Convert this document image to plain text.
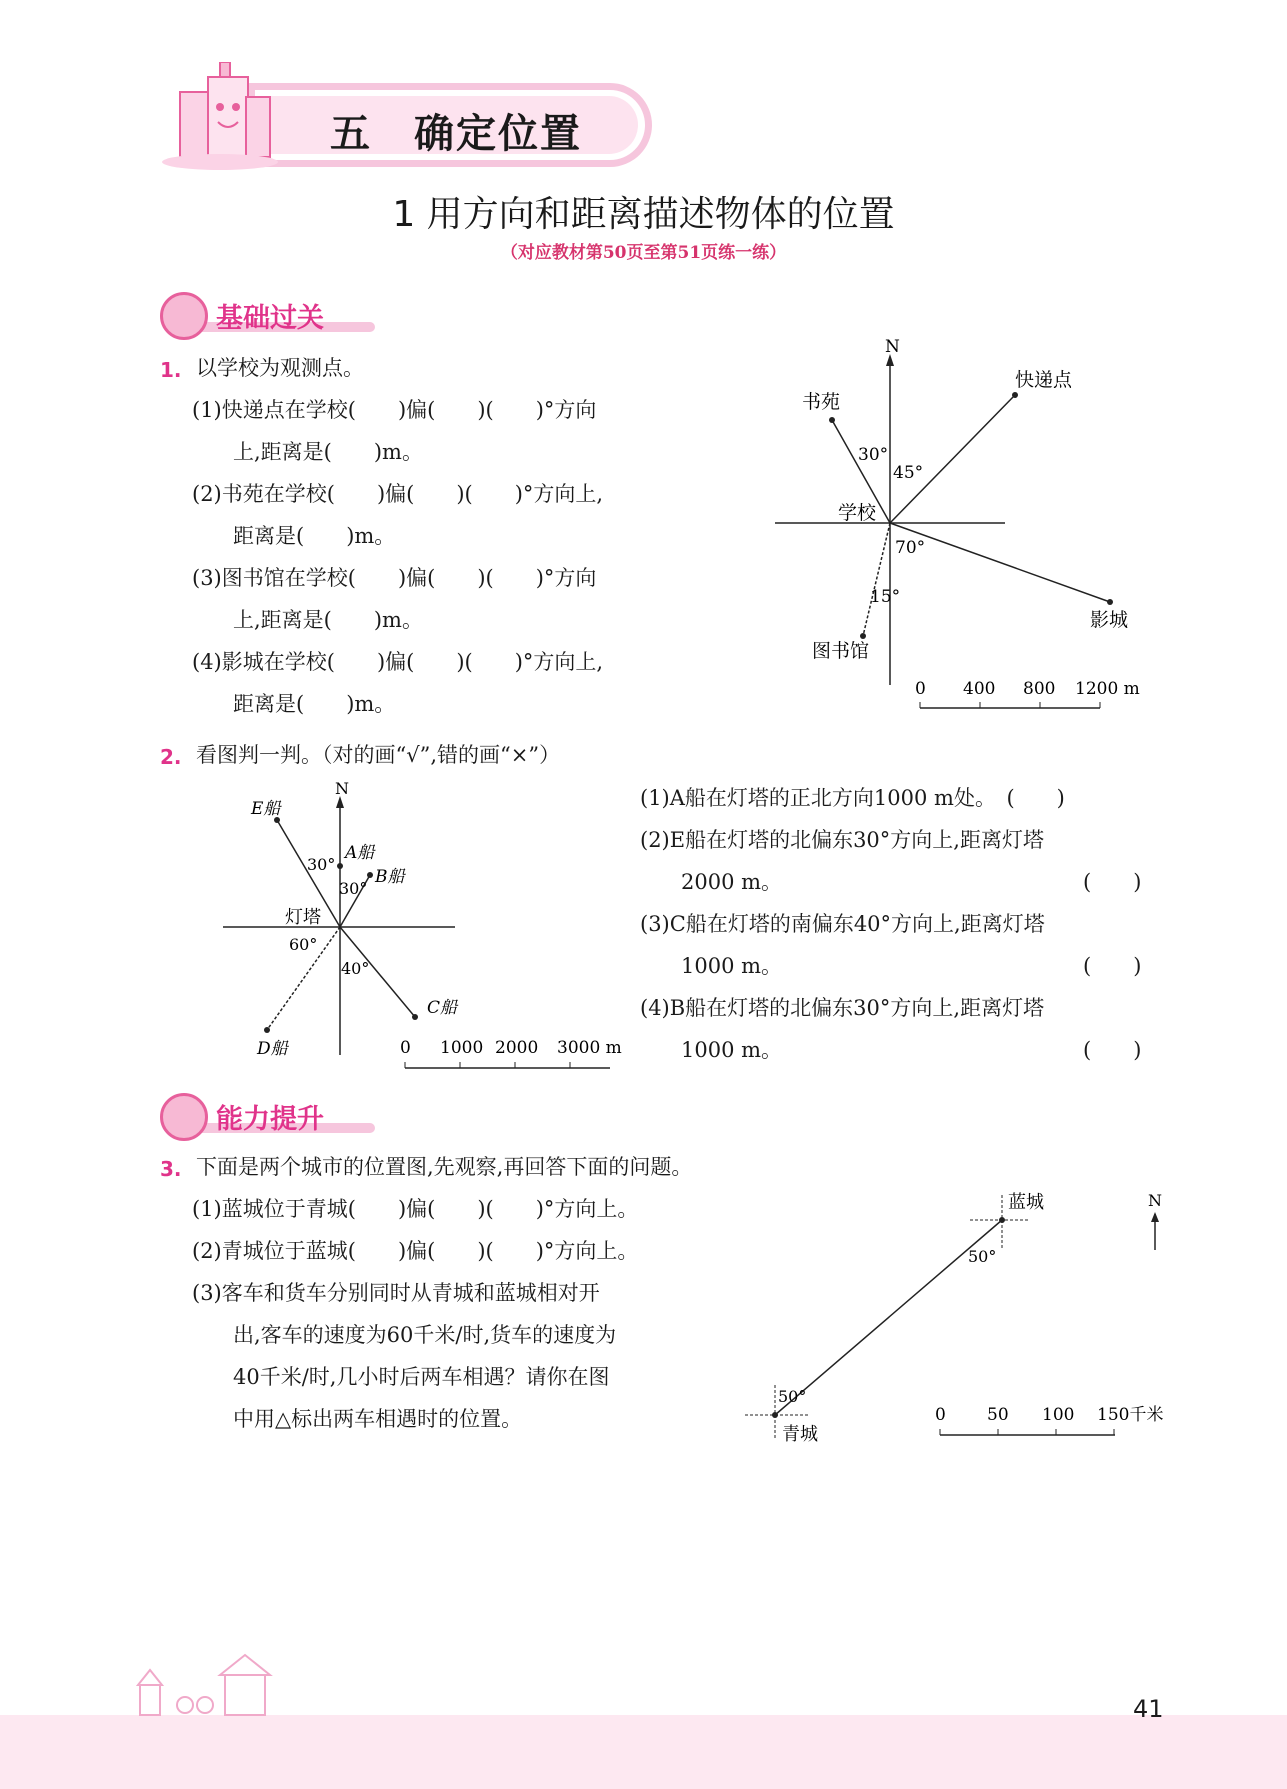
五　确定位置
1 用方向和距离描述物体的位置
（对应教材第50页至第51页练一练）
基础过关
1. 以学校为观测点。
(1)快递点在学校(　　)偏(　　)(　　)°方向
上,距离是(　　)m。
(2)书苑在学校(　　)偏(　　)(　　)°方向上,
距离是(　　)m。
(3)图书馆在学校(　　)偏(　　)(　　)°方向
上,距离是(　　)m。
(4)影城在学校(　　)偏(　　)(　　)°方向上,
距离是(　　)m。
N
学校
快递点
书苑
影城
图书馆
30°
45°
70°
15°
0 400 800 1200 m
2. 看图判一判。（对的画“√”,错的画“×”）
N
灯塔
E船
A船
B船
C船
D船
30°
30°
60°
40°
0 1000 2000 3000 m
(1)A船在灯塔的正北方向1000 m处。　(　　)
(2)E船在灯塔的北偏东30°方向上,距离灯塔
2000 m。	(　　)
(3)C船在灯塔的南偏东40°方向上,距离灯塔
1000 m。	(　　)
(4)B船在灯塔的北偏东30°方向上,距离灯塔
1000 m。	(　　)
能力提升
3. 下面是两个城市的位置图,先观察,再回答下面的问题。
(1)蓝城位于青城(　　)偏(　　)(　　)°方向上。
(2)青城位于蓝城(　　)偏(　　)(　　)°方向上。
(3)客车和货车分别同时从青城和蓝城相对开
出,客车的速度为60千米/时,货车的速度为
40千米/时,几小时后两车相遇？请你在图
中用△标出两车相遇时的位置。
蓝城
青城
50°
50°
N
0 50 100 150千米
41
